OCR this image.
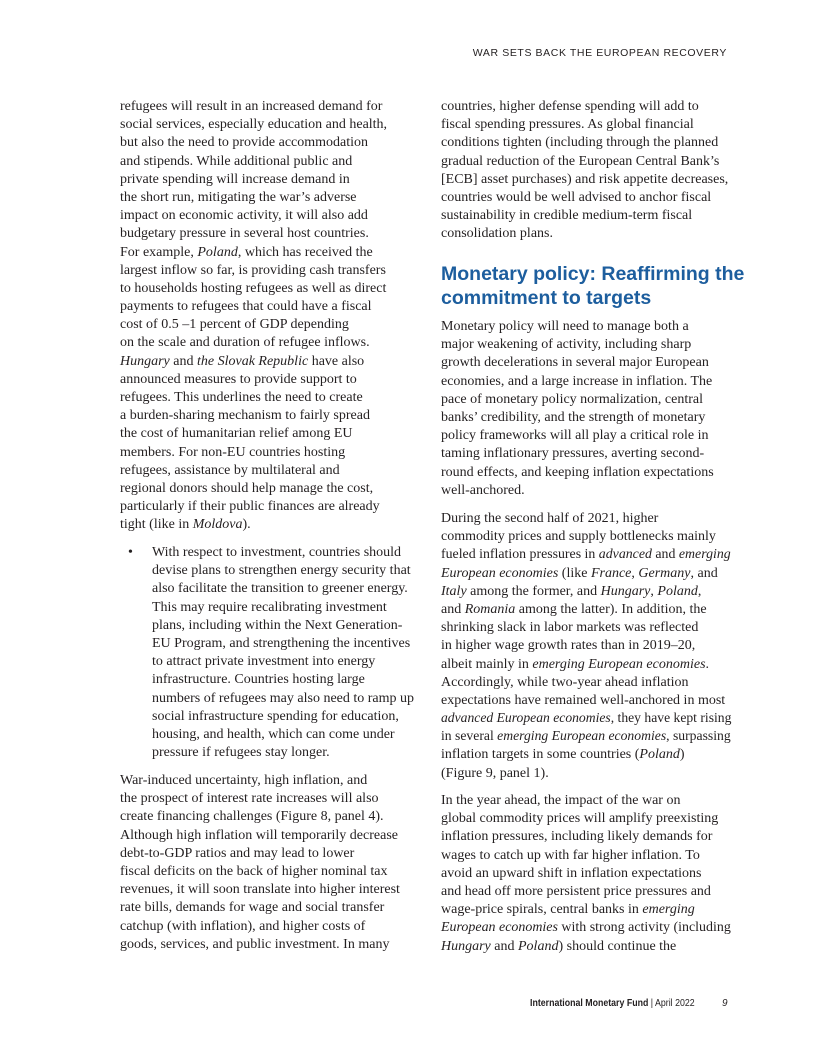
WAR SETS BACK THE EUROPEAN RECOVERY
refugees will result in an increased demand for
social services, especially education and health,
but also the need to provide accommodation
and stipends. While additional public and
private spending will increase demand in
the short run, mitigating the war’s adverse
impact on economic activity, it will also add
budgetary pressure in several host countries.
For example, Poland, which has received the
largest inflow so far, is providing cash transfers
to households hosting refugees as well as direct
payments to refugees that could have a fiscal
cost of 0.5 –1 percent of GDP depending
on the scale and duration of refugee inflows.
Hungary and the Slovak Republic have also
announced measures to provide support to
refugees. This underlines the need to create
a burden-sharing mechanism to fairly spread
the cost of humanitarian relief among EU
members. For non-EU countries hosting
refugees, assistance by multilateral and
regional donors should help manage the cost,
particularly if their public finances are already
tight (like in Moldova).
• With respect to investment, countries should
devise plans to strengthen energy security that
also facilitate the transition to greener energy.
This may require recalibrating investment
plans, including within the Next Generation-
EU Program, and strengthening the incentives
to attract private investment into energy
infrastructure. Countries hosting large
numbers of refugees may also need to ramp up
social infrastructure spending for education,
housing, and health, which can come under
pressure if refugees stay longer.
War-induced uncertainty, high inflation, and
the prospect of interest rate increases will also
create financing challenges (Figure 8, panel 4).
Although high inflation will temporarily decrease
debt-to-GDP ratios and may lead to lower
fiscal deficits on the back of higher nominal tax
revenues, it will soon translate into higher interest
rate bills, demands for wage and social transfer
catchup (with inflation), and higher costs of
goods, services, and public investment. In many
countries, higher defense spending will add to
fiscal spending pressures. As global financial
conditions tighten (including through the planned
gradual reduction of the European Central Bank’s
[ECB] asset purchases) and risk appetite decreases,
countries would be well advised to anchor fiscal
sustainability in credible medium-term fiscal
consolidation plans.
Monetary policy: Reaffirming the
commitment to targets
Monetary policy will need to manage both a
major weakening of activity, including sharp
growth decelerations in several major European
economies, and a large increase in inflation. The
pace of monetary policy normalization, central
banks’ credibility, and the strength of monetary
policy frameworks will all play a critical role in
taming inflationary pressures, averting second-
round effects, and keeping inflation expectations
well-anchored.
During the second half of 2021, higher
commodity prices and supply bottlenecks mainly
fueled inflation pressures in advanced and emerging
European economies (like France, Germany, and
Italy among the former, and Hungary, Poland,
and Romania among the latter). In addition, the
shrinking slack in labor markets was reflected
in higher wage growth rates than in 2019–20,
albeit mainly in emerging European economies.
Accordingly, while two-year ahead inflation
expectations have remained well-anchored in most
advanced European economies, they have kept rising
in several emerging European economies, surpassing
inflation targets in some countries (Poland)
(Figure 9, panel 1).
In the year ahead, the impact of the war on
global commodity prices will amplify preexisting
inflation pressures, including likely demands for
wages to catch up with far higher inflation. To
avoid an upward shift in inflation expectations
and head off more persistent price pressures and
wage-price spirals, central banks in emerging
European economies with strong activity (including
Hungary and Poland) should continue the
International Monetary Fund | April 2022	9
